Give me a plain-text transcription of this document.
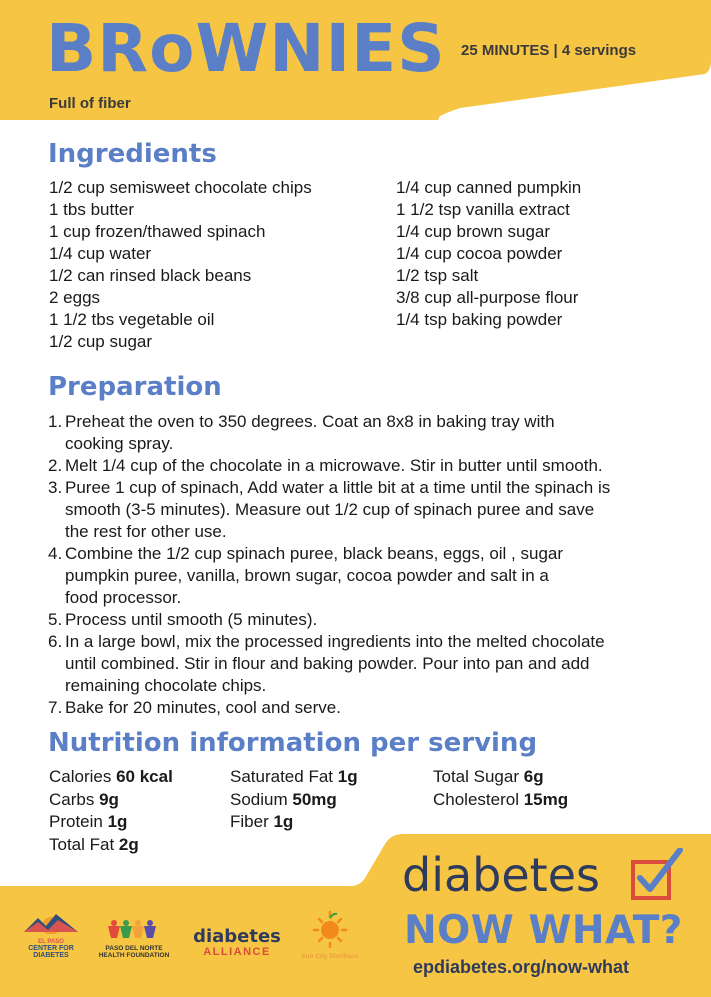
BRoWNIES 25 MINUTES | 4 servings
Full of fiber
Ingredients
1/2 cup semisweet chocolate chips
1 tbs butter
1 cup frozen/thawed spinach
1/4 cup water
1/2 can rinsed black beans
2 eggs
1 1/2 tbs vegetable oil
1/2 cup sugar
1/4 cup canned pumpkin
1 1/2 tsp vanilla extract
1/4 cup brown sugar
1/4 cup cocoa powder
1/2 tsp salt
3/8 cup all-purpose flour
1/4 tsp baking powder
Preparation
1. Preheat the oven to 350 degrees. Coat an 8x8 in baking tray with
cooking spray.
2. Melt 1/4 cup of the chocolate in a microwave. Stir in butter until smooth.
3. Puree 1 cup of spinach, Add water a little bit at a time until the spinach is
smooth (3-5 minutes). Measure out 1/2 cup of spinach puree and save
the rest for other use.
4. Combine the 1/2 cup spinach puree, black beans, eggs, oil , sugar
pumpkin puree, vanilla, brown sugar, cocoa powder and salt in a
food processor.
5. Process until smooth (5 minutes).
6. In a large bowl, mix the processed ingredients into the melted chocolate
until combined. Stir in flour and baking powder. Pour into pan and add
remaining chocolate chips.
7. Bake for 20 minutes, cool and serve.
Nutrition information per serving
Calories 60 kcal
Carbs 9g
Protein 1g
Total Fat 2g
Saturated Fat 1g
Sodium 50mg
Fiber 1g
Total Sugar 6g
Cholesterol 15mg
diabetes
NOW WHAT?
epdiabetes.org/now-what
EL PASO
CENTER FOR
DIABETES
PASO DEL NORTE
HEALTH FOUNDATION
diabetes
ALLIANCE	Sun City Dietitians
